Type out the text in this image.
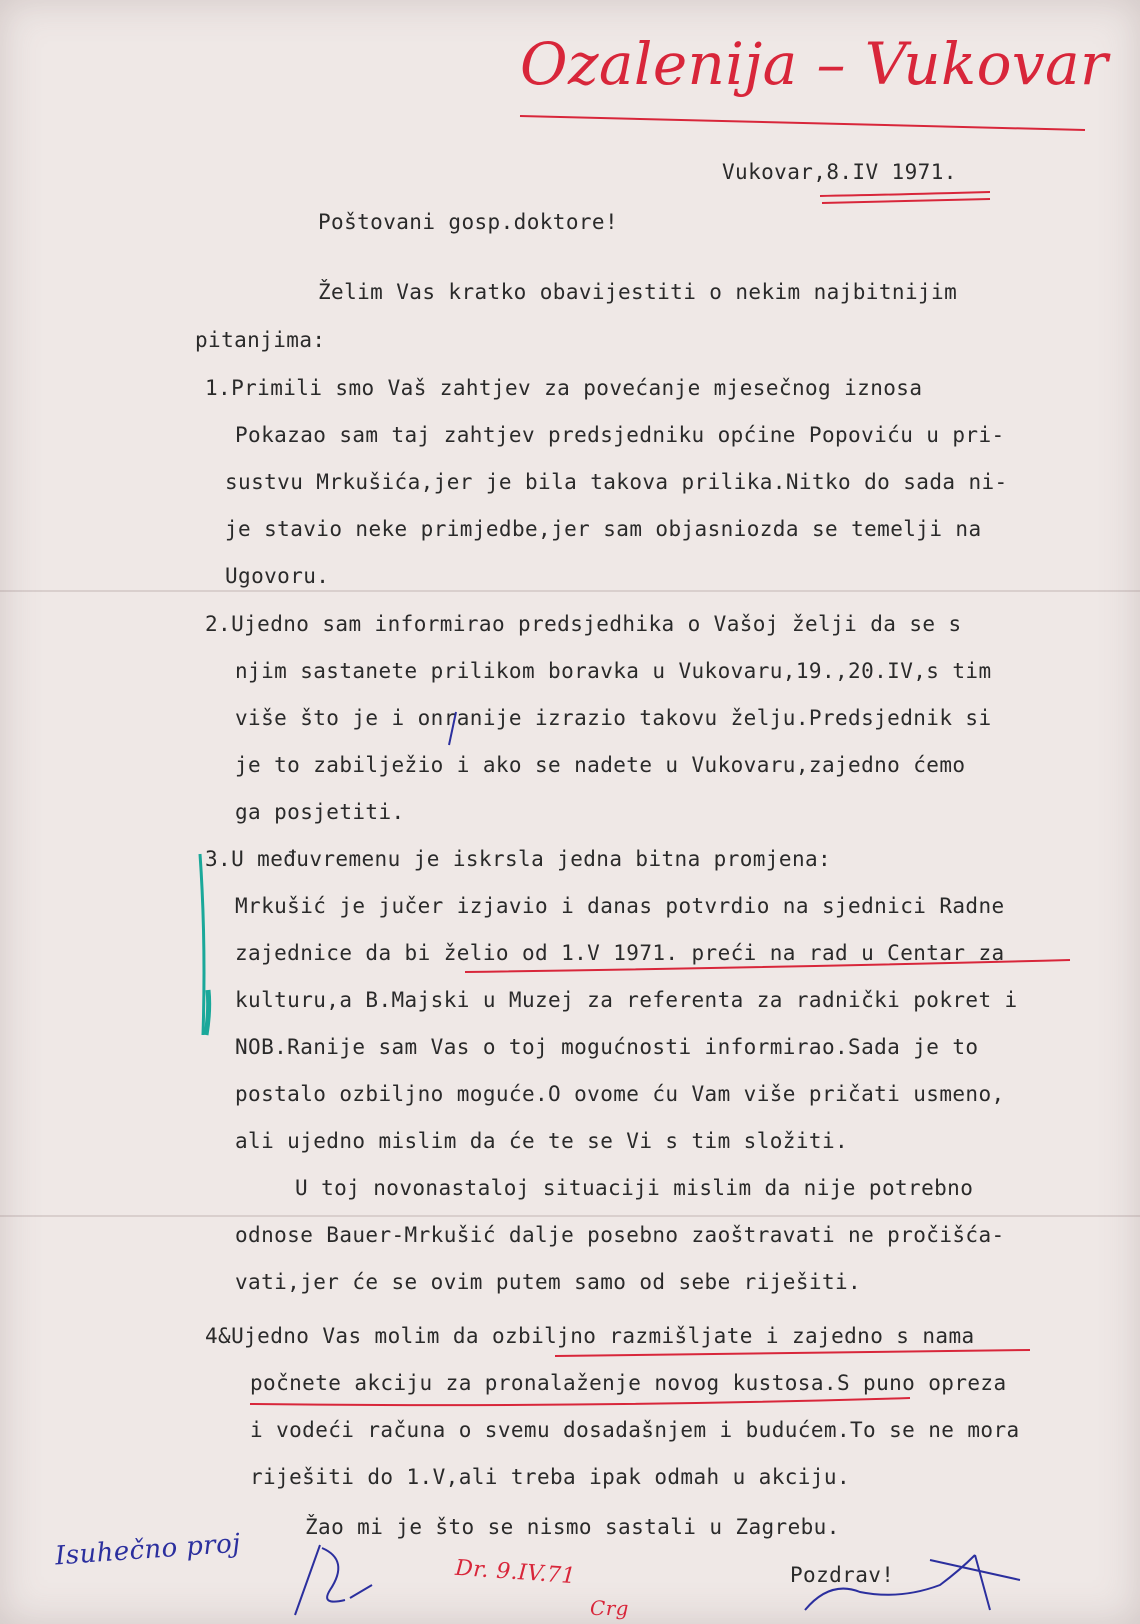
Ozalenija – Vukovar
Vukovar,8.IV 1971.
Poštovani gosp.doktore!
Želim Vas kratko obavijestiti o nekim najbitnijim
pitanjima:
1.Primili smo Vaš zahtjev za povećanje mjesečnog iznosa
Pokazao sam taj zahtjev predsjedniku općine Popoviću u pri-
sustvu Mrkušića,jer je bila takova prilika.Nitko do sada ni-
je stavio neke primjedbe,jer sam objasniozda se temelji na
Ugovoru.
2.Ujedno sam informirao predsjedhika o Vašoj želji da se s
njim sastanete prilikom boravka u Vukovaru,19.,20.IV,s tim
više što je i onranije izrazio takovu želju.Predsjednik si
je to zabilježio i ako se nadete u Vukovaru,zajedno ćemo
ga posjetiti.
3.U međuvremenu je iskrsla jedna bitna promjena:
Mrkušić je jučer izjavio i danas potvrdio na sjednici Radne
zajednice da bi želio od 1.V 1971. preći na rad u Centar za
kulturu,a B.Majski u Muzej za referenta za radnički pokret i
NOB.Ranije sam Vas o toj mogućnosti informirao.Sada je to
postalo ozbiljno moguće.O ovome ću Vam više pričati usmeno,
ali ujedno mislim da će te se Vi s tim složiti.
U toj novonastaloj situaciji mislim da nije potrebno
odnose Bauer-Mrkušić dalje posebno zaoštravati ne pročišća-
vati,jer će se ovim putem samo od sebe riješiti.
4&Ujedno Vas molim da ozbiljno razmišljate i zajedno s nama
počnete akciju za pronalaženje novog kustosa.S puno opreza
i vodeći računa o svemu dosadašnjem i budućem.To se ne mora
riješiti do 1.V,ali treba ipak odmah u akciju.
Žao mi je što se nismo sastali u Zagrebu.
Pozdrav!
Isuhečno proj
Dr. 9.IV.71
Crg
